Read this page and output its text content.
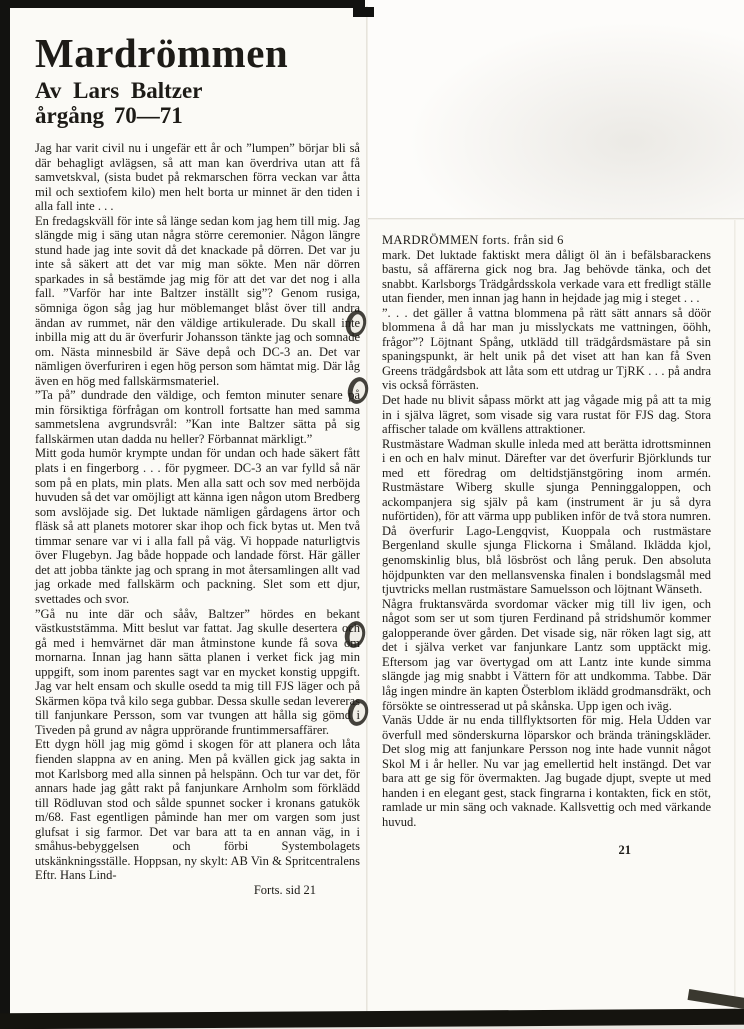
Mardrömmen
Av Lars Baltzer
årgång 70—71

Jag har varit civil nu i ungefär ett år och ”lumpen” börjar bli så där behagligt avlägsen, så att man kan överdriva utan att få samvetskval, (sista budet på rekmarschen förra veckan var åtta mil och sextiofem kilo) men helt borta ur minnet är den tiden i alla fall inte . . .

En fredagskväll för inte så länge sedan kom jag hem till mig. Jag slängde mig i säng utan några större ceremonier. Någon längre stund hade jag inte sovit då det knackade på dörren. Det var ju inte så säkert att det var mig man sökte. Men när dörren sparkades in så bestämde jag mig för att det var det nog i alla fall. ”Varför har inte Baltzer inställt sig”? Genom rusiga, sömniga ögon såg jag hur möblemanget blåst över till andra ändan av rummet, när den väldige artikulerade. Du skall inte inbilla mig att du är överfurir Johansson tänkte jag och somnade om. Nästa minnesbild är Säve depå och DC-3 an. Det var nämligen överfuriren i egen hög person som hämtat mig. Där låg även en hög med fallskärmsmateriel.

”Ta på” dundrade den väldige, och femton minuter senare på min försiktiga förfrågan om kontroll fortsatte han med samma sammetslena avgrundsvrål: ”Kan inte Baltzer sätta på sig fallskärmen utan dadda nu heller? Förbannat märkligt.”

Mitt goda humör krympte undan för undan och hade säkert fått plats i en fingerborg . . . för pygmeer. DC-3 an var fylld så när som på en plats, min plats. Men alla satt och sov med nerböjda huvuden så det var omöjligt att känna igen någon utom Bredberg som avslöjade sig. Det luktade nämligen gårdagens ärtor och fläsk så att planets motorer skar ihop och fick bytas ut. Men två timmar senare var vi i alla fall på väg. Vi hoppade naturligtvis över Flugebyn. Jag både hoppade och landade först. Här gäller det att jobba tänkte jag och sprang in mot återsamlingen allt vad jag orkade med fallskärm och packning. Slet som ett djur, svettades och svor.

”Gå nu inte där och sååv, Baltzer” hördes en bekant västkuststämma. Mitt beslut var fattat. Jag skulle desertera och gå med i hemvärnet där man åtminstone kunde få sova om mornarna. Innan jag hann sätta planen i verket fick jag min uppgift, som inom parentes sagt var en mycket konstig uppgift. Jag var helt ensam och skulle osedd ta mig till FJS läger och på Skärmen köpa två kilo sega gubbar. Dessa skulle sedan levereras till fanjunkare Persson, som var tvungen att hålla sig gömd i Tiveden på grund av några upprörande fruntimmersaffärer.

Ett dygn höll jag mig gömd i skogen för att planera och låta fienden slappna av en aning. Men på kvällen gick jag sakta in mot Karlsborg med alla sinnen på helspänn. Och tur var det, för annars hade jag gått rakt på fanjunkare Arnholm som förklädd till Rödluvan stod och sålde spunnet socker i kronans gatukök m/68. Fast egentligen påminde han mer om vargen som just glufsat i sig farmor. Det var bara att ta en annan väg, in i småhus-bebyggelsen och förbi Systembolagets utskänkningsställe. Hoppsan, ny skylt: AB Vin & Spritcentralens Eftr. Hans Lind-

Forts. sid 21

MARDRÖMMEN forts. från sid 6

mark. Det luktade faktiskt mera dåligt öl än i befälsbarackens bastu, så affärerna gick nog bra. Jag behövde tänka, och det snabbt. Karlsborgs Trädgårdsskola verkade vara ett fredligt ställe utan fiender, men innan jag hann in hejdade jag mig i steget . . .

”. . . det gäller å vattna blommena på rätt sätt annars så döör blommena å då har man ju misslyckats me vattningen, ööhh, frågor”? Löjtnant Spång, utklädd till trädgårdsmästare på sin spaningspunkt, är helt unik på det viset att han kan få Sven Greens trädgårdsbok att låta som ett utdrag ur TjRK . . . på andra vis också förrästen.

Det hade nu blivit såpass mörkt att jag vågade mig på att ta mig in i själva lägret, som visade sig vara rustat för FJS dag. Stora affischer talade om kvällens attraktioner.

Rustmästare Wadman skulle inleda med att berätta idrottsminnen i en och en halv minut. Därefter var det överfurir Björklunds tur med ett föredrag om deltidstjänstgöring inom armén. Rustmästare Wiberg skulle sjunga Penninggaloppen, och ackompanjera sig själv på kam (instrument är ju så dyra nuförtiden), för att värma upp publiken inför de två stora numren. Då överfurir Lago-Lengqvist, Kuoppala och rustmästare Bergenland skulle sjunga Flickorna i Småland. Iklädda kjol, genomskinlig blus, blå lösbröst och lång peruk. Den absoluta höjdpunkten var den mellansvenska finalen i bondslagsmål med tjuvtricks mellan rustmästare Samuelsson och löjtnant Wänseth.

Några fruktansvärda svordomar väcker mig till liv igen, och något som ser ut som tjuren Ferdinand på stridshumör kommer galopperande över gården. Det visade sig, när röken lagt sig, att det i själva verket var fanjunkare Lantz som upptäckt mig. Eftersom jag var övertygad om att Lantz inte kunde simma slängde jag mig snabbt i Vättern för att undkomma. Tabbe. Där låg ingen mindre än kapten Österblom iklädd grodmansdräkt, och försökte se ointresserad ut på skånska. Upp igen och iväg.

Vanäs Udde är nu enda tillflyktsorten för mig. Hela Udden var överfull med sönderskurna löparskor och brända träningskläder. Det slog mig att fanjunkare Persson nog inte hade vunnit något Skol M i år heller. Nu var jag emellertid helt instängd. Det var bara att ge sig för övermakten. Jag bugade djupt, svepte ut med handen i en elegant gest, stack fingrarna i kontakten, fick en stöt, ramlade ur min säng och vaknade. Kallsvettig och med värkande huvud.

21
